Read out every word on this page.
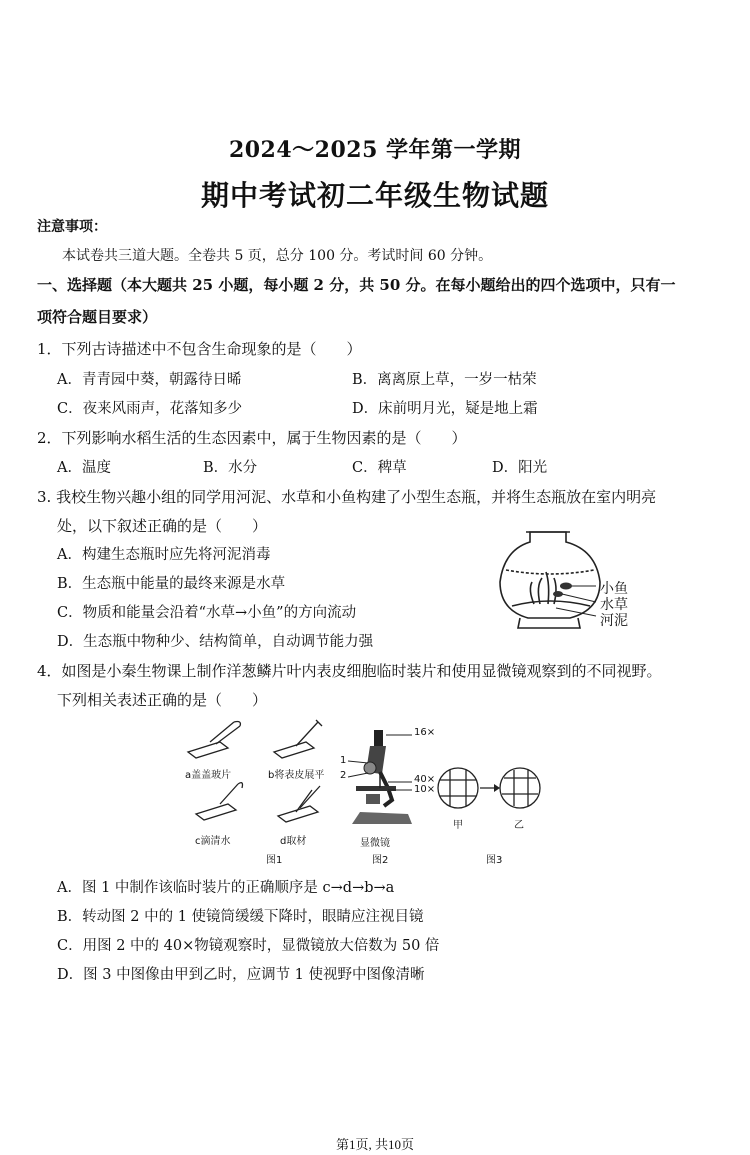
2024～2025 学年第一学期
期中考试初二年级生物试题
注意事项：
本试卷共三道大题。全卷共 5 页，总分 100 分。考试时间 60 分钟。
一、选择题（本大题共 25 小题，每小题 2 分，共 50 分。在每小题给出的四个选项中，只有一
项符合题目要求）
1．下列古诗描述中不包含生命现象的是（　　）
A．青青园中葵，朝露待日晞	B．离离原上草，一岁一枯荣
C．夜来风雨声，花落知多少	D．床前明月光，疑是地上霜
2．下列影响水稻生活的生态因素中，属于生物因素的是（　　）
A．温度	B．水分	C．稗草	D．阳光
3. 我校生物兴趣小组的同学用河泥、水草和小鱼构建了小型生态瓶，并将生态瓶放在室内明亮
处，以下叙述正确的是（　　）
A．构建生态瓶时应先将河泥消毒
B．生态瓶中能量的最终来源是水草
C．物质和能量会沿着“水草→小鱼”的方向流动
D．生态瓶中物种少、结构简单，自动调节能力强
小鱼
水草
河泥
4．如图是小秦生物课上制作洋葱鳞片叶内表皮细胞临时装片和使用显微镜观察到的不同视野。
下列相关表述正确的是（　　）
a盖盖玻片	b将表皮展平
c滴清水	d取材
图1
16×
1
2	40×
10×
显微镜
图2
甲	乙
图3
A．图 1 中制作该临时装片的正确顺序是 c→d→b→a
B．转动图 2 中的 1 使镜筒缓缓下降时，眼睛应注视目镜
C．用图 2 中的 40×物镜观察时，显微镜放大倍数为 50 倍
D．图 3 中图像由甲到乙时，应调节 1 使视野中图像清晰
第1页, 共10页
